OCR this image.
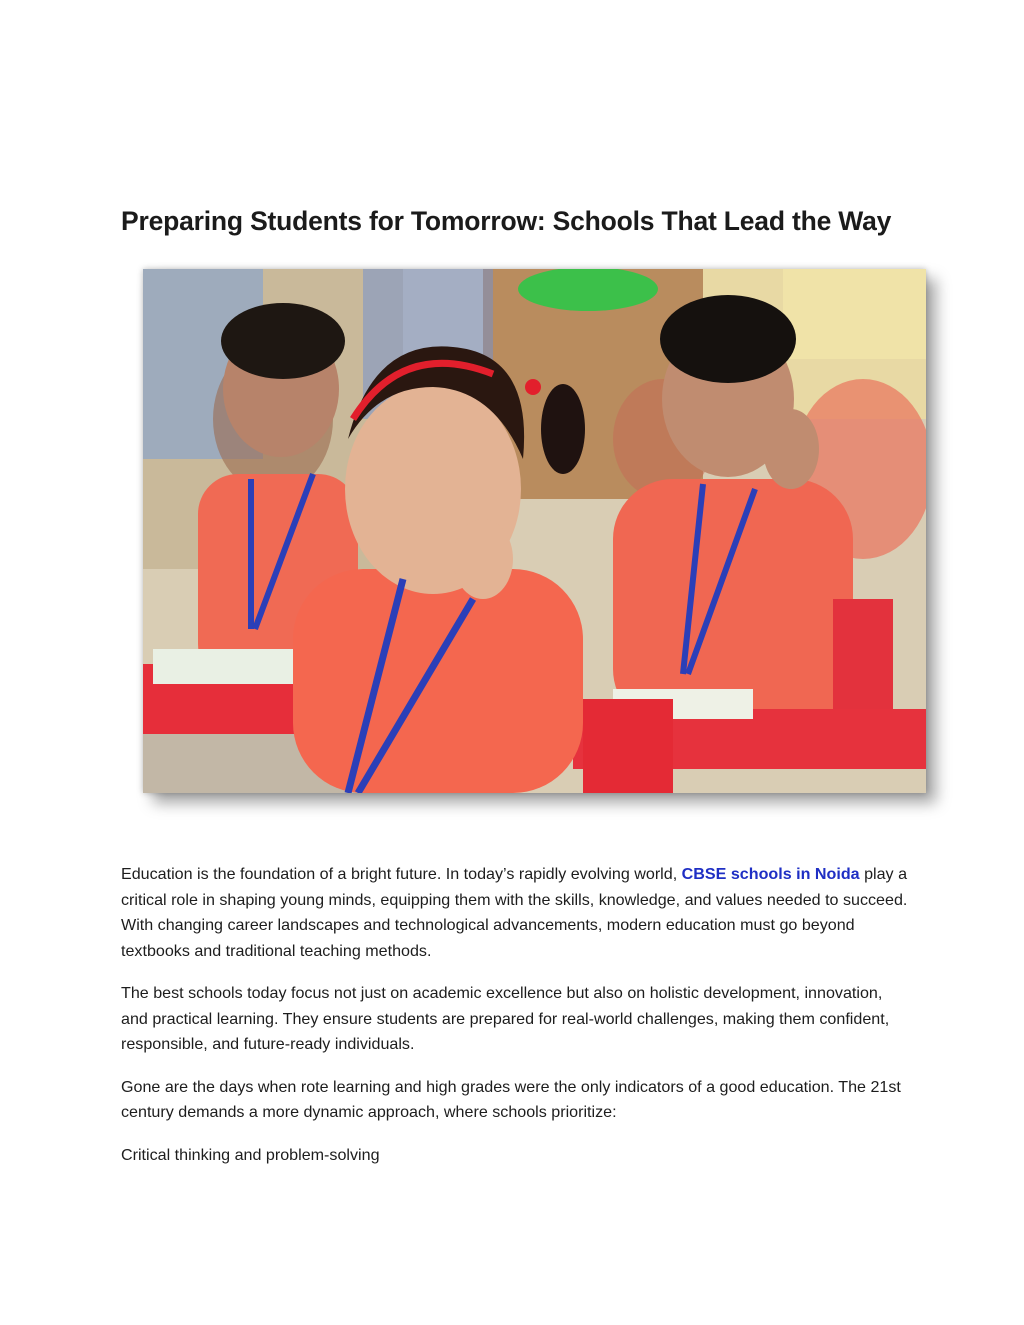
Preparing Students for Tomorrow: Schools That Lead the Way

Education is the foundation of a bright future. In today’s rapidly evolving world, CBSE schools in Noida play a critical role in shaping young minds, equipping them with the skills, knowledge, and values needed to succeed. With changing career landscapes and technological advancements, modern education must go beyond textbooks and traditional teaching methods.

The best schools today focus not just on academic excellence but also on holistic development, innovation, and practical learning. They ensure students are prepared for real-world challenges, making them confident, responsible, and future-ready individuals.

Gone are the days when rote learning and high grades were the only indicators of a good education. The 21st century demands a more dynamic approach, where schools prioritize:

Critical thinking and problem-solving
